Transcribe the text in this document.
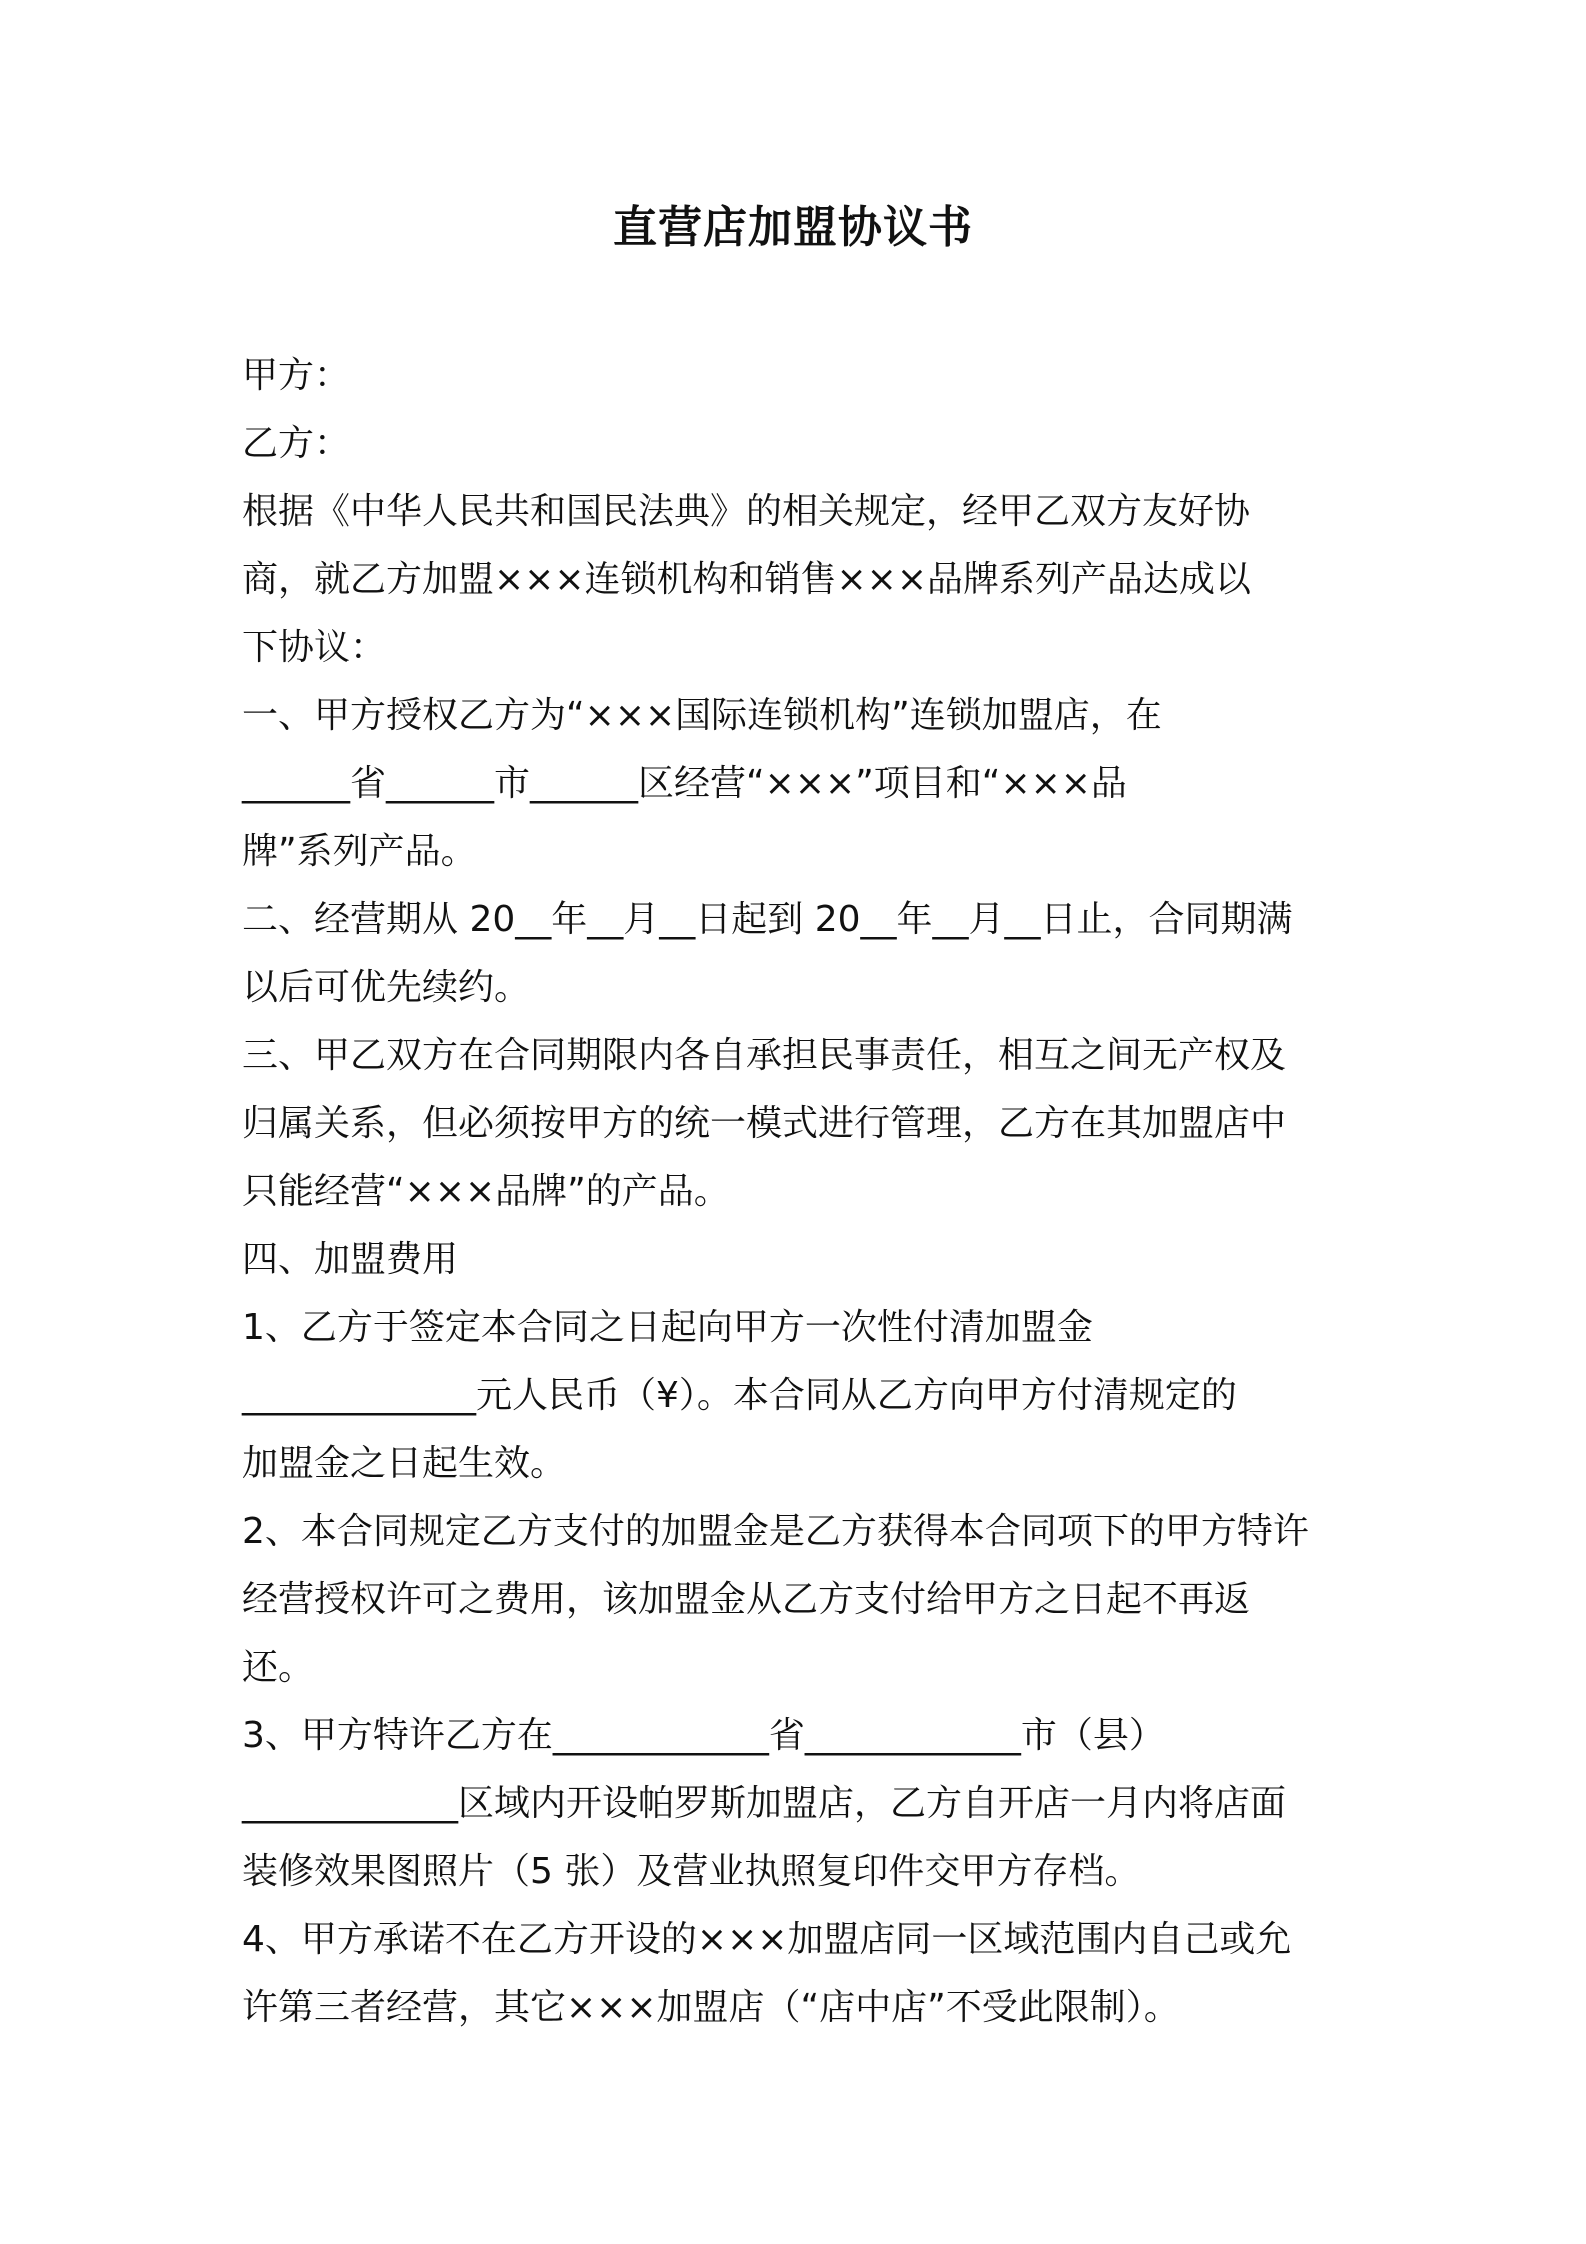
直营店加盟协议书

甲方：

乙方：

根据《中华人民共和国民法典》的相关规定，经甲乙双方友好协

商，就乙方加盟×××连锁机构和销售×××品牌系列产品达成以

下协议：

一、甲方授权乙方为“×××国际连锁机构”连锁加盟店，在

______省______市______区经营“×××”项目和“×××品

牌”系列产品。

二、经营期从 20__年__月__日起到 20__年__月__日止，合同期满

以后可优先续约。

三、甲乙双方在合同期限内各自承担民事责任，相互之间无产权及

归属关系，但必须按甲方的统一模式进行管理，乙方在其加盟店中

只能经营“×××品牌”的产品。

四、加盟费用

1、乙方于签定本合同之日起向甲方一次性付清加盟金

_____________元人民币（¥）。本合同从乙方向甲方付清规定的

加盟金之日起生效。

2、本合同规定乙方支付的加盟金是乙方获得本合同项下的甲方特许

经营授权许可之费用，该加盟金从乙方支付给甲方之日起不再返

还。

3、甲方特许乙方在____________省____________市（县）

____________区域内开设帕罗斯加盟店，乙方自开店一月内将店面

装修效果图照片（5 张）及营业执照复印件交甲方存档。

4、甲方承诺不在乙方开设的×××加盟店同一区域范围内自己或允

许第三者经营，其它×××加盟店（“店中店”不受此限制）。
